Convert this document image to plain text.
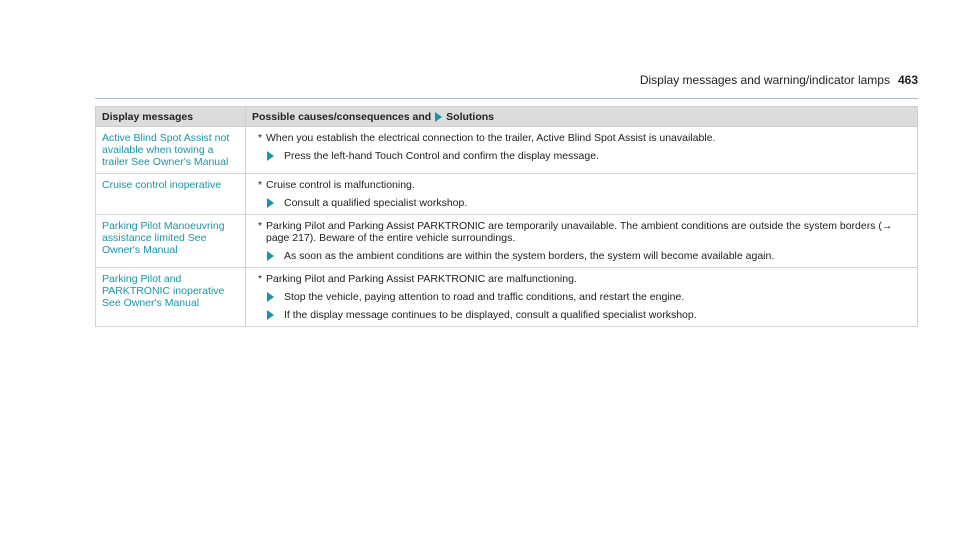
Display messages and warning/indicator lamps 463
Display messages	Possible causes/consequences and Solutions

Active Blind Spot Assist not available when towing a trailer See Owner's Manual	* When you establish the electrical connection to the trailer, Active Blind Spot Assist is unavailable.
Press the left-hand Touch Control and confirm the display message.

Cruise control inoperative	* Cruise control is malfunctioning.
Consult a qualified specialist workshop.

Parking Pilot Manoeuvring assistance limited See Owner's Manual	* Parking Pilot and Parking Assist PARKTRONIC are temporarily unavailable. The ambient conditions are outside the system borders (→ page 217). Beware of the entire vehicle surroundings.
As soon as the ambient conditions are within the system borders, the system will become available again.

Parking Pilot and PARKTRONIC inoperative See Owner's Manual	* Parking Pilot and Parking Assist PARKTRONIC are malfunctioning.
Stop the vehicle, paying attention to road and traffic conditions, and restart the engine.
If the display message continues to be displayed, consult a qualified specialist workshop.
